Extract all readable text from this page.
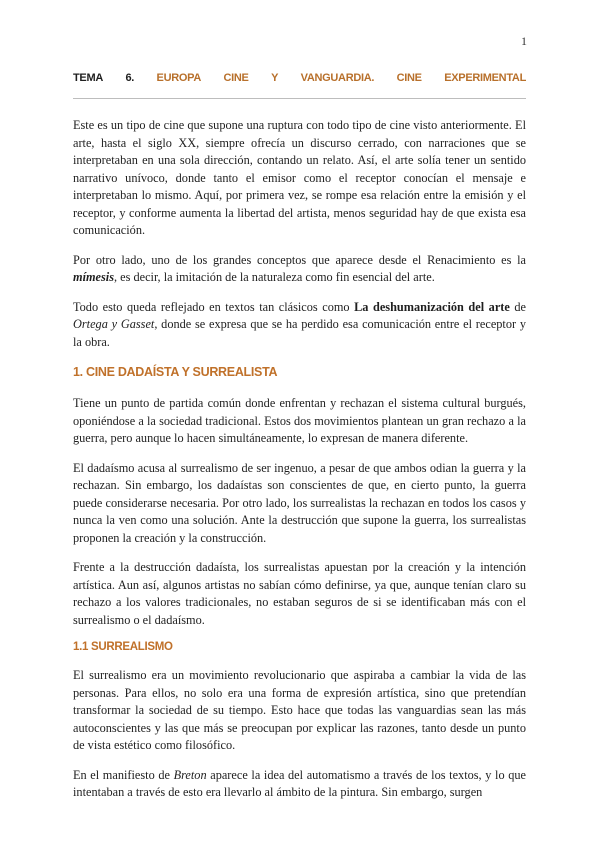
1
TEMA 6. EUROPA CINE Y VANGUARDIA. CINE EXPERIMENTAL

Este es un tipo de cine que supone una ruptura con todo tipo de cine visto anteriormente. El arte, hasta el siglo XX, siempre ofrecía un discurso cerrado, con narraciones que se interpretaban en una sola dirección, contando un relato. Así, el arte solía tener un sentido narrativo unívoco, donde tanto el emisor como el receptor conocían el mensaje e interpretaban lo mismo. Aquí, por primera vez, se rompe esa relación entre la emisión y el receptor, y conforme aumenta la libertad del artista, menos seguridad hay de que exista esa comunicación.

Por otro lado, uno de los grandes conceptos que aparece desde el Renacimiento es la mímesis, es decir, la imitación de la naturaleza como fin esencial del arte.

Todo esto queda reflejado en textos tan clásicos como La deshumanización del arte de Ortega y Gasset, donde se expresa que se ha perdido esa comunicación entre el receptor y la obra.

1. CINE DADAÍSTA Y SURREALISTA

Tiene un punto de partida común donde enfrentan y rechazan el sistema cultural burgués, oponiéndose a la sociedad tradicional. Estos dos movimientos plantean un gran rechazo a la guerra, pero aunque lo hacen simultáneamente, lo expresan de manera diferente.

El dadaísmo acusa al surrealismo de ser ingenuo, a pesar de que ambos odian la guerra y la rechazan. Sin embargo, los dadaístas son conscientes de que, en cierto punto, la guerra puede considerarse necesaria. Por otro lado, los surrealistas la rechazan en todos los casos y nunca la ven como una solución. Ante la destrucción que supone la guerra, los surrealistas proponen la creación y la construcción.

Frente a la destrucción dadaísta, los surrealistas apuestan por la creación y la intención artística. Aun así, algunos artistas no sabían cómo definirse, ya que, aunque tenían claro su rechazo a los valores tradicionales, no estaban seguros de si se identificaban más con el surrealismo o el dadaísmo.

1.1 SURREALISMO

El surrealismo era un movimiento revolucionario que aspiraba a cambiar la vida de las personas. Para ellos, no solo era una forma de expresión artística, sino que pretendían transformar la sociedad de su tiempo. Esto hace que todas las vanguardias sean las más autoconscientes y las que más se preocupan por explicar las razones, tanto desde un punto de vista estético como filosófico.

En el manifiesto de Breton aparece la idea del automatismo a través de los textos, y lo que intentaban a través de esto era llevarlo al ámbito de la pintura. Sin embargo, surgen
